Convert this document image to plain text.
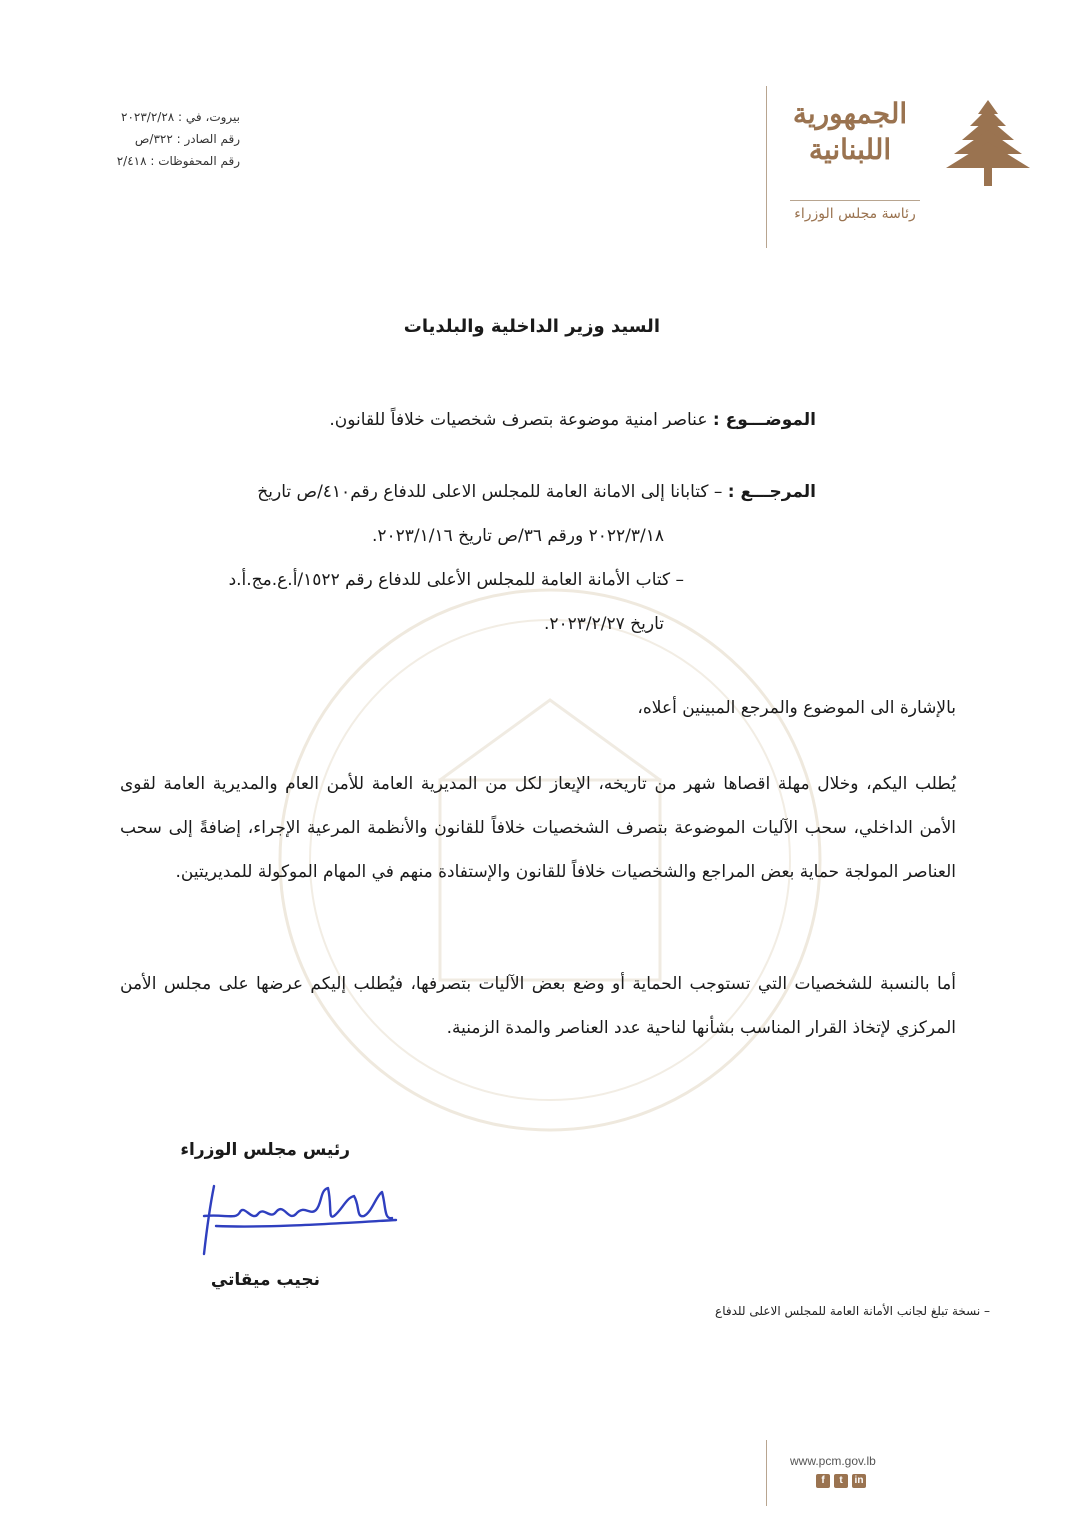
بيروت، في : ٢٠٢٣/٢/٢٨
رقم الصادر : ٣٢٢/ص
رقم المحفوظات : ٢/٤١٨
الجمهورية
اللبنانية
رئاسة مجلس الوزراء
السيد وزير الداخلية والبلديات
الموضـــوع : عناصر امنية موضوعة بتصرف شخصيات خلافاً للقانون.
المرجـــع : – كتابانا إلى الامانة العامة للمجلس الاعلى للدفاع رقم٤١٠/ص تاريخ
٢٠٢٢/٣/١٨ ورقم ٣٦/ص تاريخ ٢٠٢٣/١/١٦.
– كتاب الأمانة العامة للمجلس الأعلى للدفاع رقم ١٥٢٢/أ.ع.مج.أ.د
تاريخ ٢٠٢٣/٢/٢٧.
بالإشارة الى الموضوع والمرجع المبينين أعلاه،
يُطلب اليكم، وخلال مهلة اقصاها شهر من تاريخه، الإيعاز لكل من المديرية العامة للأمن العام والمديرية العامة لقوى الأمن الداخلي، سحب الآليات الموضوعة بتصرف الشخصيات خلافاً للقانون والأنظمة المرعية الإجراء، إضافةً إلى سحب العناصر المولجة حماية بعض المراجع والشخصيات خلافاً للقانون والإستفادة منهم في المهام الموكولة للمديريتين.
أما بالنسبة للشخصيات التي تستوجب الحماية أو وضع بعض الآليات بتصرفها، فيُطلب إليكم عرضها على مجلس الأمن المركزي لإتخاذ القرار المناسب بشأنها لناحية عدد العناصر والمدة الزمنية.
رئيس مجلس الوزراء
نجيب ميقاتي
– نسخة تبلغ لجانب الأمانة العامة للمجلس الاعلى للدفاع
www.pcm.gov.lb
f	t	in
